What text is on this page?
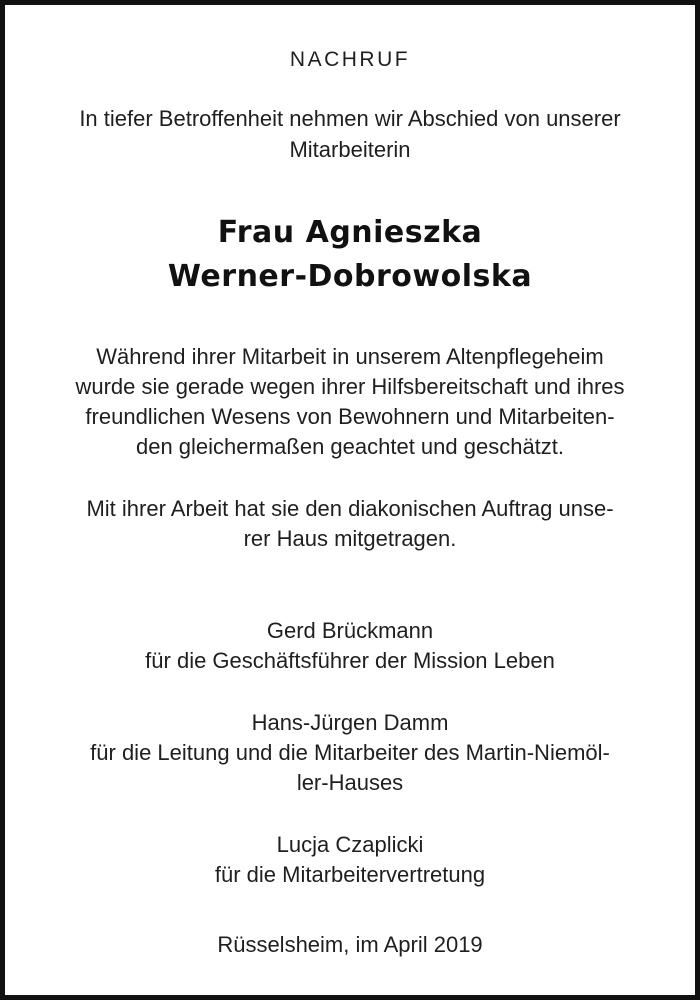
NACHRUF
In tiefer Betroffenheit nehmen wir Abschied von unserer
Mitarbeiterin
Frau Agnieszka
Werner-Dobrowolska
Während ihrer Mitarbeit in unserem Altenpflegeheim
wurde sie gerade wegen ihrer Hilfsbereitschaft und ihres
freundlichen Wesens von Bewohnern und Mitarbeiten-
den gleichermaßen geachtet und geschätzt.
Mit ihrer Arbeit hat sie den diakonischen Auftrag unse-
rer Haus mitgetragen.
Gerd Brückmann
für die Geschäftsführer der Mission Leben
Hans-Jürgen Damm
für die Leitung und die Mitarbeiter des Martin-Niemöl-
ler-Hauses
Lucja Czaplicki
für die Mitarbeitervertretung
Rüsselsheim, im April 2019
